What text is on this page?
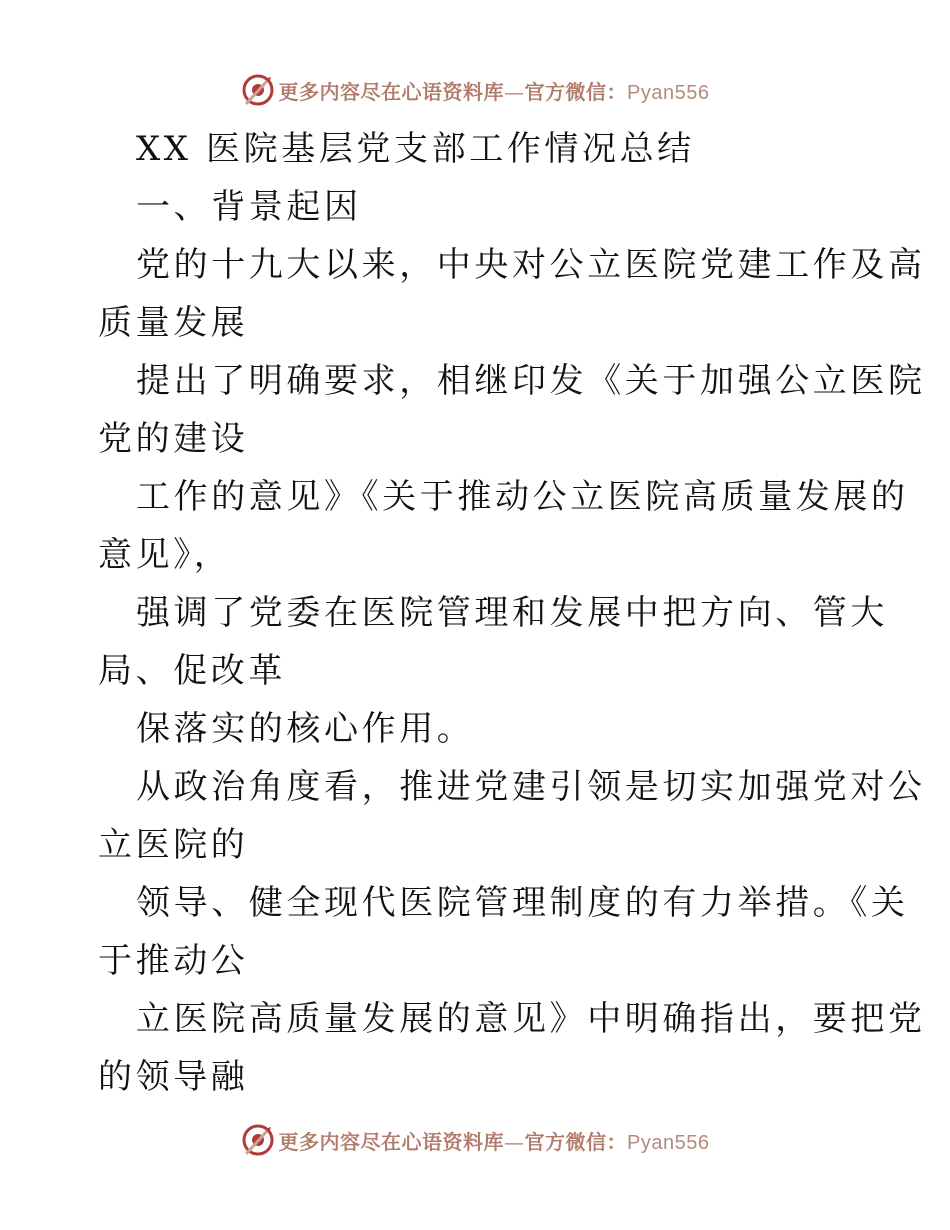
更多内容尽在心语资料库—官方微信：Pyan556
XX 医院基层党支部工作情况总结
一、背景起因
党的十九大以来，中央对公立医院党建工作及高
质量发展
提出了明确要求，相继印发《关于加强公立医院
党的建设
工作的意见》《关于推动公立医院高质量发展的
意见》，
强调了党委在医院管理和发展中把方向、管大
局、促改革
保落实的核心作用。
从政治角度看，推进党建引领是切实加强党对公
立医院的
领导、健全现代医院管理制度的有力举措。《关
于推动公
立医院高质量发展的意见》中明确指出，要把党
的领导融
更多内容尽在心语资料库—官方微信：Pyan556
